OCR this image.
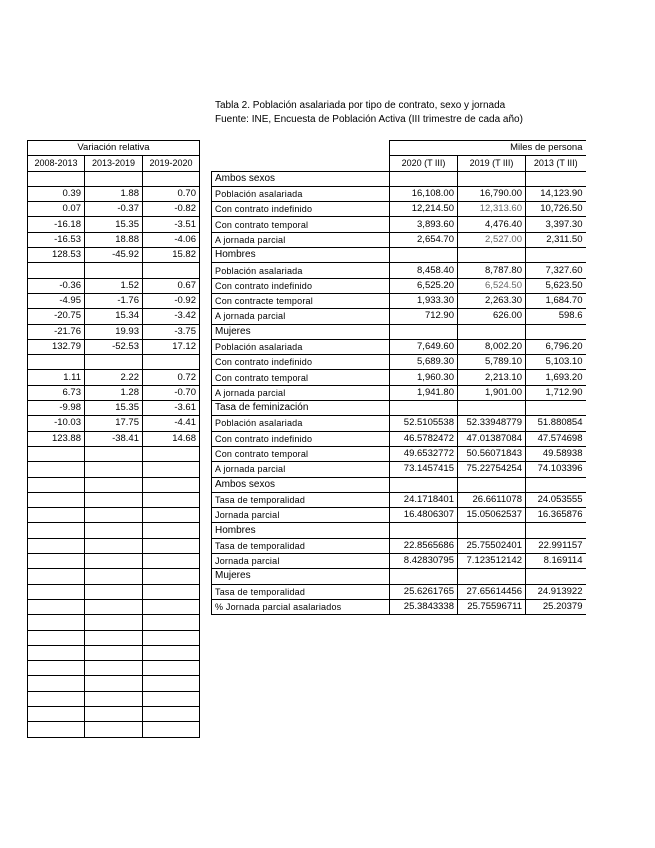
Tabla 2. Población asalariada por tipo de contrato, sexo y jornada
Fuente: INE, Encuesta de Población Activa (III trimestre de cada año)
Variación relativa		
2008-2013	2013-2019	2019-2020

0.39	1.88	0.70
0.07	-0.37	-0.82
-16.18	15.35	-3.51
-16.53	18.88	-4.06
128.53	-45.92	15.82

-0.36	1.52	0.67
-4.95	-1.76	-0.92
-20.75	15.34	-3.42
-21.76	19.93	-3.75
132.79	-52.53	17.12

1.11	2.22	0.72
6.73	1.28	-0.70
-9.98	15.35	-3.61
-10.03	17.75	-4.41
123.88	-38.41	14.68

	Miles de persona		
	2020 (T III)	2019 (T III)	2013 (T III)
Ambos sexos			
Población asalariada	16,108.00	16,790.00	14,123.90
Con contrato indefinido	12,214.50	12,313.60	10,726.50
Con contrato temporal	3,893.60	4,476.40	3,397.30
A jornada parcial	2,654.70	2,527.00	2,311.50
Hombres			
Población asalariada	8,458.40	8,787.80	7,327.60
Con contrato indefinido	6,525.20	6,524.50	5,623.50
Con contracte temporal	1,933.30	2,263.30	1,684.70
A jornada parcial	712.90	626.00	598.6
Mujeres			
Población asalariada	7,649.60	8,002.20	6,796.20
Con contrato indefinido	5,689.30	5,789.10	5,103.10
Con contrato temporal	1,960.30	2,213.10	1,693.20
A jornada parcial	1,941.80	1,901.00	1,712.90
Tasa de feminización			
Población asalariada	52.5105538	52.33948779	51.880854
Con contrato indefinido	46.5782472	47.01387084	47.574698
Con contrato temporal	49.6532772	50.56071843	49.58938
A jornada parcial	73.1457415	75.22754254	74.103396
Ambos sexos			
Tasa de temporalidad	24.1718401	26.6611078	24.053555
Jornada parcial	16.4806307	15.05062537	16.365876
Hombres			
Tasa de temporalidad	22.8565686	25.75502401	22.991157
Jornada parcial	8.42830795	7.123512142	8.169114
Mujeres			
Tasa de temporalidad	25.6261765	27.65614456	24.913922
% Jornada parcial asalariados	25.3843338	25.75596711	25.20379
